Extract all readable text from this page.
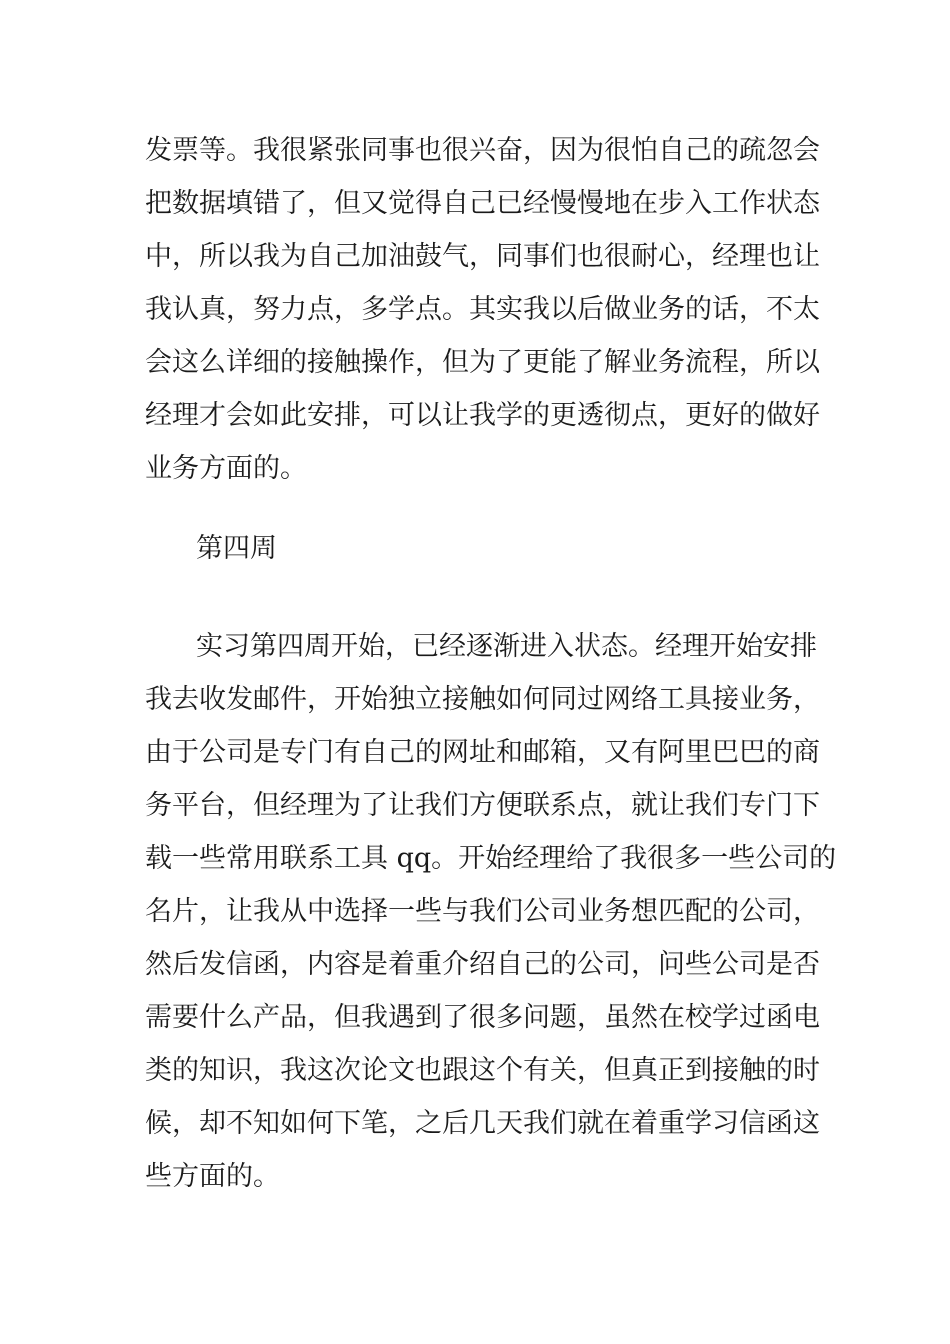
发票等。我很紧张同事也很兴奋，因为很怕自己的疏忽会
把数据填错了，但又觉得自己已经慢慢地在步入工作状态
中，所以我为自己加油鼓气，同事们也很耐心，经理也让
我认真，努力点，多学点。其实我以后做业务的话，不太
会这么详细的接触操作，但为了更能了解业务流程，所以
经理才会如此安排，可以让我学的更透彻点，更好的做好
业务方面的。
第四周
实习第四周开始，已经逐渐进入状态。经理开始安排
我去收发邮件，开始独立接触如何同过网络工具接业务，
由于公司是专门有自己的网址和邮箱，又有阿里巴巴的商
务平台，但经理为了让我们方便联系点，就让我们专门下
载一些常用联系工具 qq。开始经理给了我很多一些公司的
名片，让我从中选择一些与我们公司业务想匹配的公司，
然后发信函，内容是着重介绍自己的公司，问些公司是否
需要什么产品，但我遇到了很多问题，虽然在校学过函电
类的知识，我这次论文也跟这个有关，但真正到接触的时
候，却不知如何下笔，之后几天我们就在着重学习信函这
些方面的。
